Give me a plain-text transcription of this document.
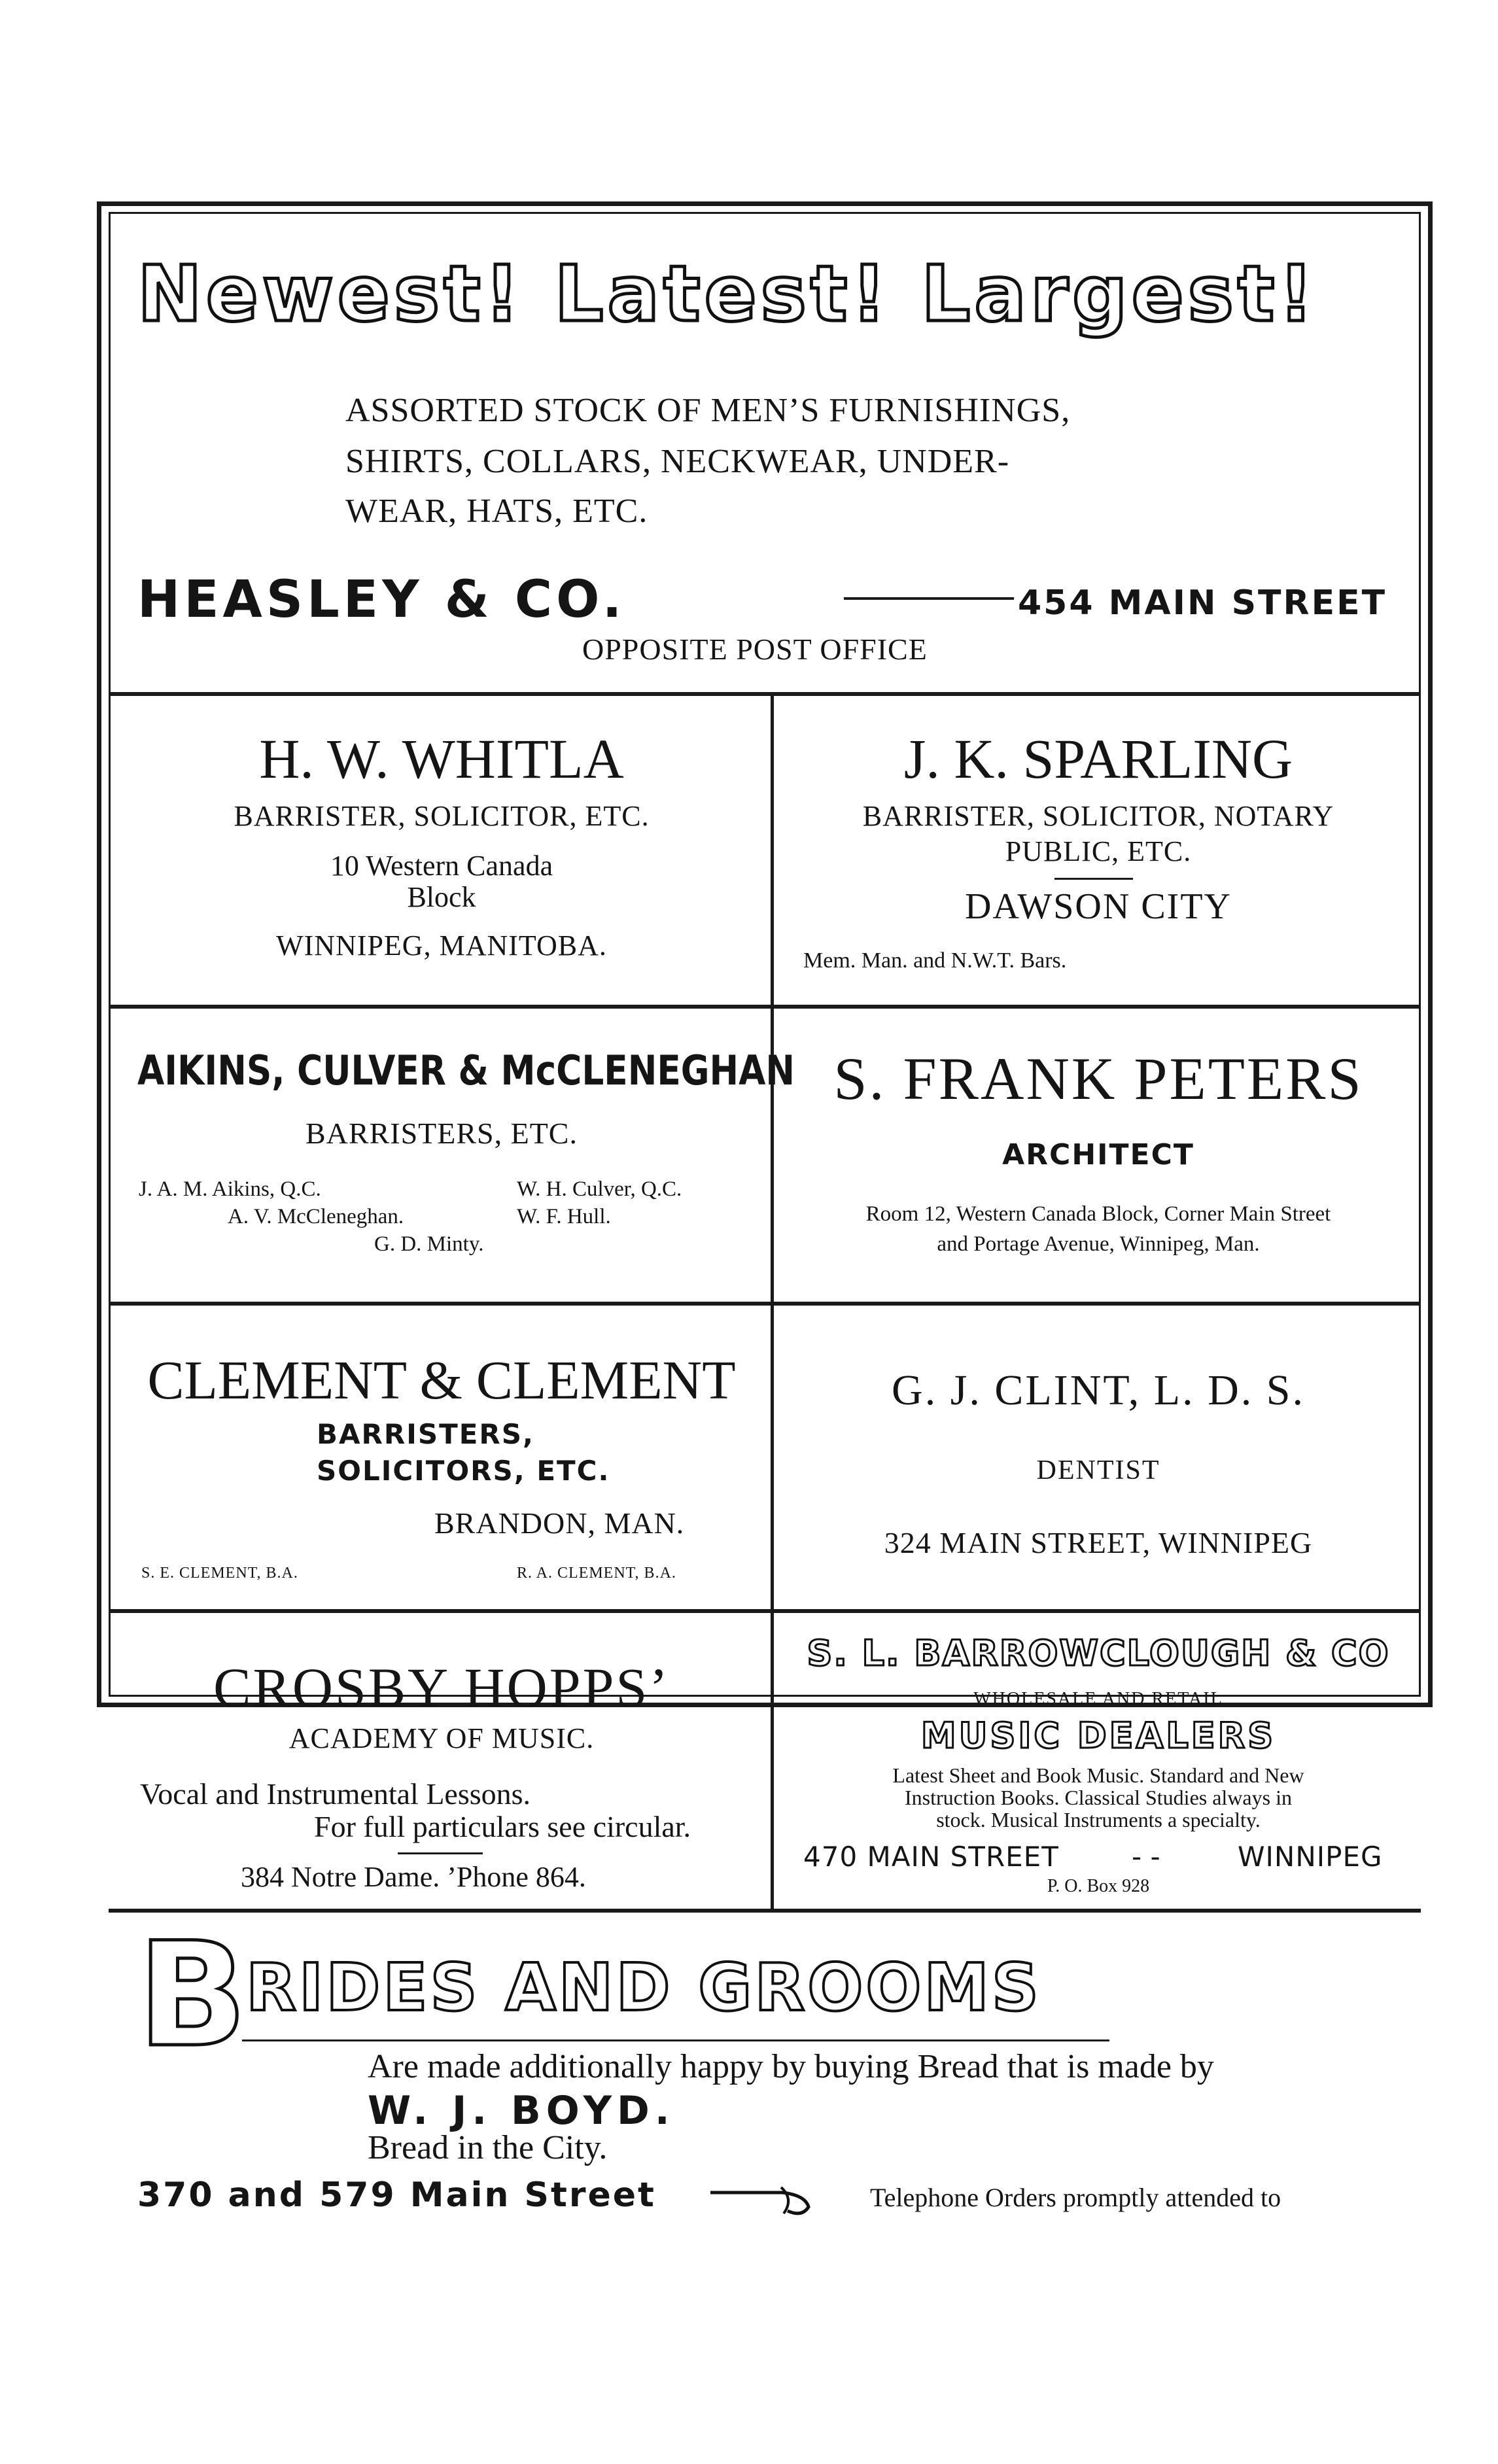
Newest! Latest! Largest!
ASSORTED STOCK OF MEN’S FURNISHINGS,
SHIRTS, COLLARS, NECKWEAR, UNDER-
WEAR, HATS, ETC.
HEASLEY & CO.	454 MAIN STREET
OPPOSITE POST OFFICE
H. W. WHITLA
BARRISTER, SOLICITOR, ETC.
10 Western Canada
Block
WINNIPEG, MANITOBA.
J. K. SPARLING
BARRISTER, SOLICITOR, NOTARY
PUBLIC, ETC.
DAWSON CITY
Mem. Man. and N.W.T. Bars.
AIKINS, CULVER & McCLENEGHAN
BARRISTERS, ETC.
J. A. M. Aikins, Q.C.	W. H. Culver, Q.C.
A. V. McCleneghan.	W. F. Hull.
G. D. Minty.
S. FRANK PETERS
ARCHITECT
Room 12, Western Canada Block, Corner Main Street
and Portage Avenue, Winnipeg, Man.
CLEMENT & CLEMENT
BARRISTERS,
SOLICITORS, ETC.
BRANDON, MAN.
S. E. CLEMENT, B.A.	R. A. CLEMENT, B.A.
G. J. CLINT, L. D. S.
DENTIST
324 MAIN STREET, WINNIPEG
CROSBY HOPPS’
ACADEMY OF MUSIC.
Vocal and Instrumental Lessons.
For full particulars see circular.
384 Notre Dame. ’Phone 864.
S. L. BARROWCLOUGH & CO
WHOLESALE AND RETAIL
MUSIC DEALERS
Latest Sheet and Book Music. Standard and New
Instruction Books. Classical Studies always in
stock. Musical Instruments a specialty.
470 MAIN STREET	- -	WINNIPEG
P. O. Box 928
B
RIDES AND GROOMS
Are made additionally happy by buying Bread that is made by
W. J. BOYD.
Bread in the City.
370 and 579 Main Street	Telephone Orders promptly attended to
